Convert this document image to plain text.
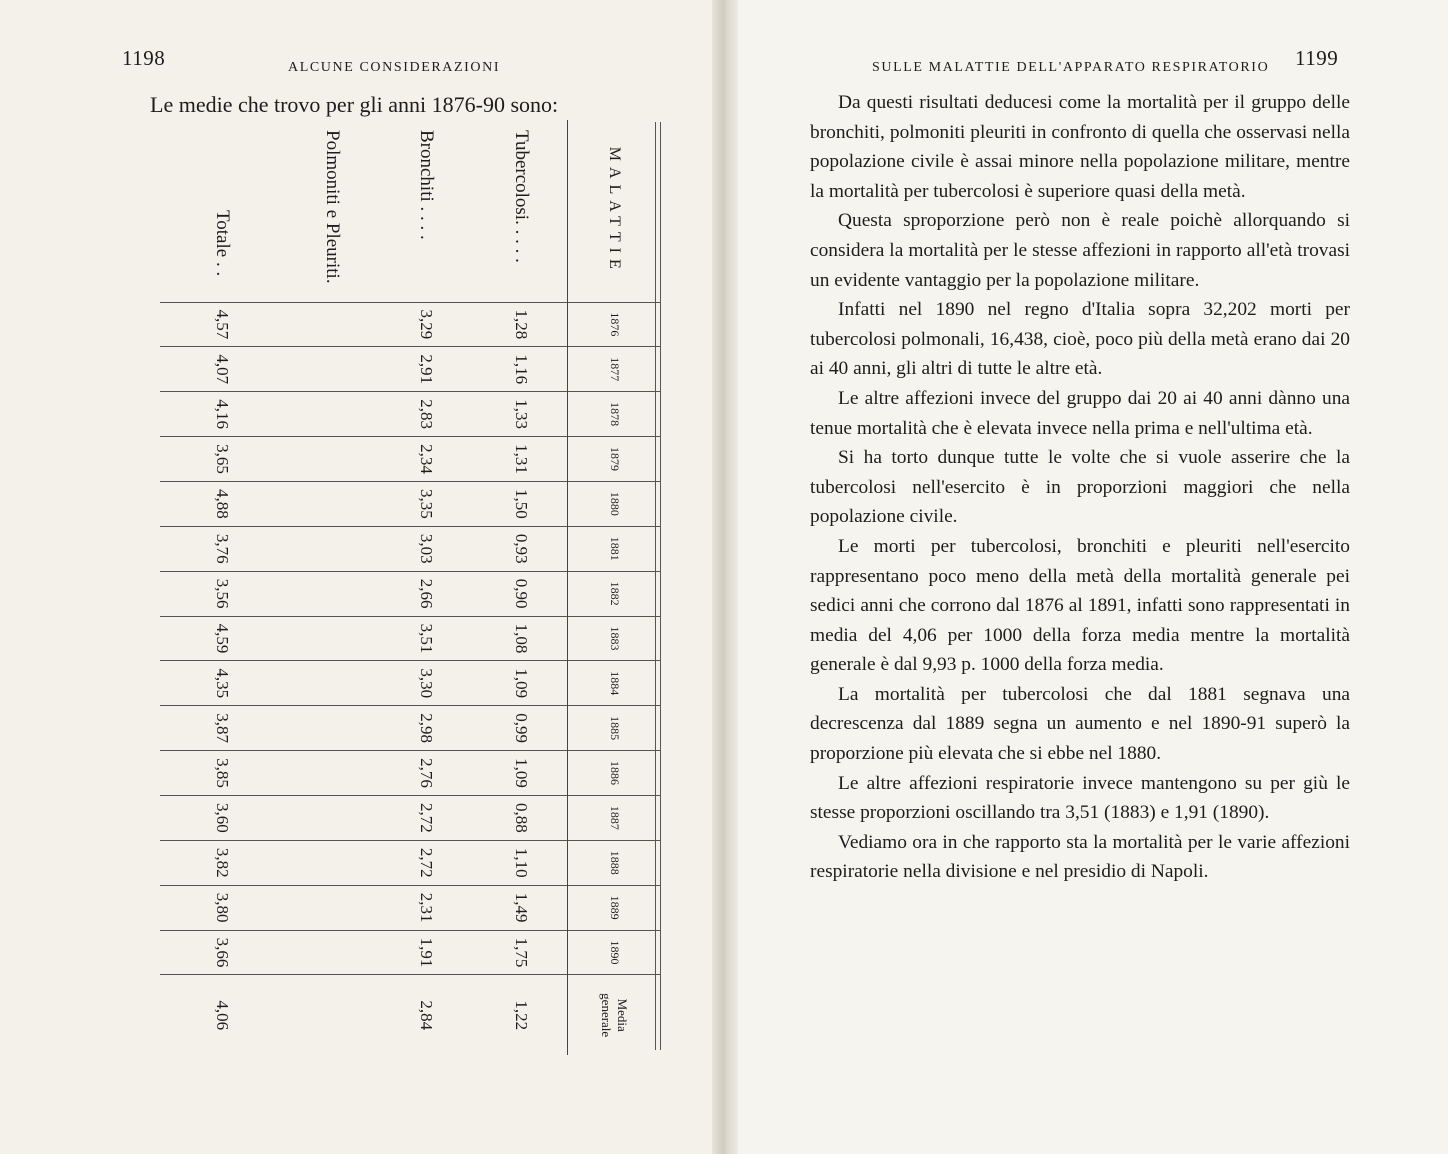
1198	ALCUNE CONSIDERAZIONI
Le medie che trovo per gli anni 1876-90 sono:
MALATTIE	1876	1877	1878	1879	1880	1881	1882	1883	1884	1885	1886	1887	1888	1889	1890	Media generale
Tubercolosi. . . . .	1,28	1,16	1,33	1,31	1,50	0,93	0,90	1,08	1,09	0,99	1,09	0,88	1,10	1,49	1,75	1,22
Bronchiti . . . .	3,29	2,91	2,83	2,34	3,35	3,03	2,66	3,51	3,30	2,98	2,76	2,72	2,72	2,31	1,91	2,84
Polmoniti e Pleuriti.																
Totale . .	4,57	4,07	4,16	3,65	4,88	3,76	3,56	4,59	4,35	3,87	3,85	3,60	3,82	3,80	3,66	4,06
SULLE MALATTIE DELL'APPARATO RESPIRATORIO 1199

Da questi risultati deducesi come la mortalità per il gruppo delle bronchiti, polmoniti pleuriti in confronto di quella che osservasi nella popolazione civile è assai minore nella popolazione militare, mentre la mortalità per tubercolosi è superiore quasi della metà.

Questa sproporzione però non è reale poichè allorquando si considera la mortalità per le stesse affezioni in rapporto all'età trovasi un evidente vantaggio per la popolazione militare.

Infatti nel 1890 nel regno d'Italia sopra 32,202 morti per tubercolosi polmonali, 16,438, cioè, poco più della metà erano dai 20 ai 40 anni, gli altri di tutte le altre età.

Le altre affezioni invece del gruppo dai 20 ai 40 anni dànno una tenue mortalità che è elevata invece nella prima e nell'ultima età.

Si ha torto dunque tutte le volte che si vuole asserire che la tubercolosi nell'esercito è in proporzioni maggiori che nella popolazione civile.

Le morti per tubercolosi, bronchiti e pleuriti nell'esercito rappresentano poco meno della metà della mortalità generale pei sedici anni che corrono dal 1876 al 1891, infatti sono rappresentati in media del 4,06 per 1000 della forza media mentre la mortalità generale è dal 9,93 p. 1000 della forza media.

La mortalità per tubercolosi che dal 1881 segnava una decrescenza dal 1889 segna un aumento e nel 1890-91 superò la proporzione più elevata che si ebbe nel 1880.

Le altre affezioni respiratorie invece mantengono su per giù le stesse proporzioni oscillando tra 3,51 (1883) e 1,91 (1890).

Vediamo ora in che rapporto sta la mortalità per le varie affezioni respiratorie nella divisione e nel presidio di Napoli.
